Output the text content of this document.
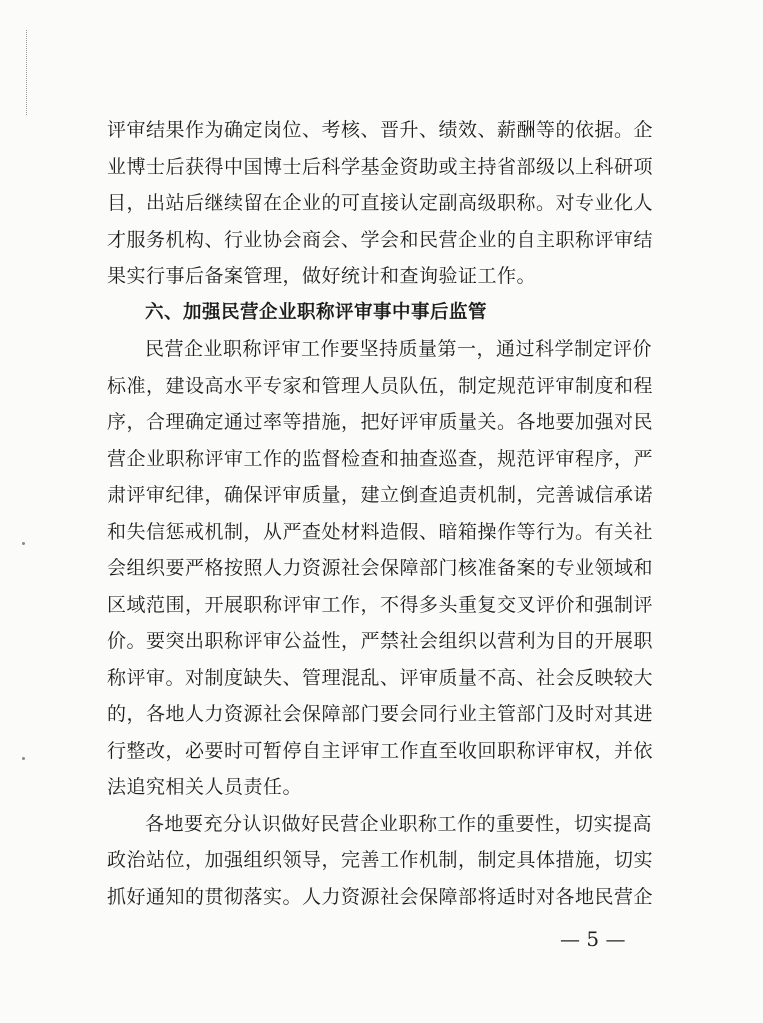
评审结果作为确定岗位、考核、晋升、绩效、薪酬等的依据。企
业博士后获得中国博士后科学基金资助或主持省部级以上科研项
目，出站后继续留在企业的可直接认定副高级职称。对专业化人
才服务机构、行业协会商会、学会和民营企业的自主职称评审结
果实行事后备案管理，做好统计和查询验证工作。
六、加强民营企业职称评审事中事后监管
民营企业职称评审工作要坚持质量第一，通过科学制定评价
标准，建设高水平专家和管理人员队伍，制定规范评审制度和程
序，合理确定通过率等措施，把好评审质量关。各地要加强对民
营企业职称评审工作的监督检查和抽查巡查，规范评审程序，严
肃评审纪律，确保评审质量，建立倒查追责机制，完善诚信承诺
和失信惩戒机制，从严查处材料造假、暗箱操作等行为。有关社
会组织要严格按照人力资源社会保障部门核准备案的专业领域和
区域范围，开展职称评审工作，不得多头重复交叉评价和强制评
价。要突出职称评审公益性，严禁社会组织以营利为目的开展职
称评审。对制度缺失、管理混乱、评审质量不高、社会反映较大
的，各地人力资源社会保障部门要会同行业主管部门及时对其进
行整改，必要时可暂停自主评审工作直至收回职称评审权，并依
法追究相关人员责任。
各地要充分认识做好民营企业职称工作的重要性，切实提高
政治站位，加强组织领导，完善工作机制，制定具体措施，切实
抓好通知的贯彻落实。人力资源社会保障部将适时对各地民营企
— 5 —
